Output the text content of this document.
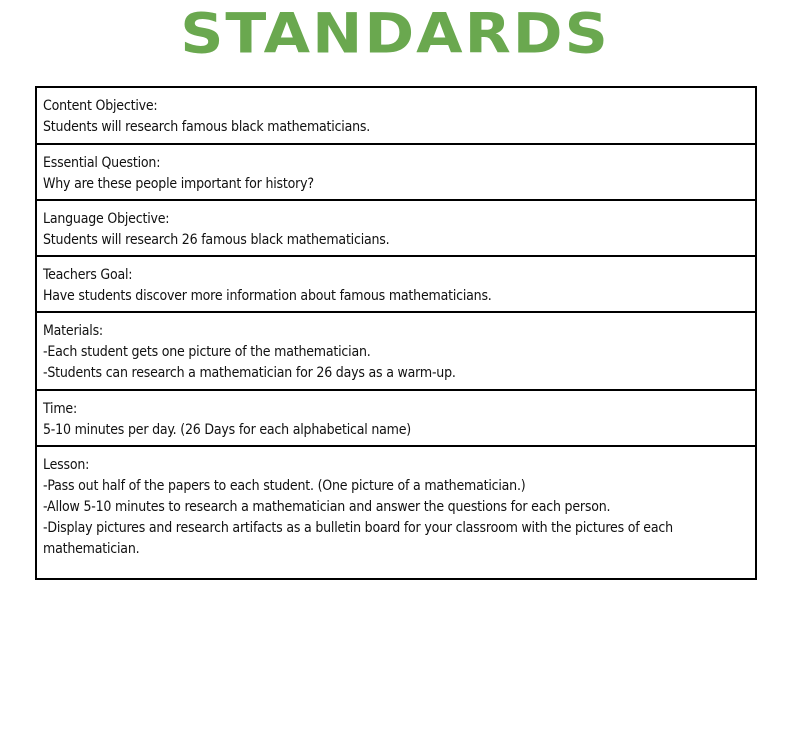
STANDARDS
Content Objective:
Students will research famous black mathematicians.
Essential Question:
Why are these people important for history?
Language Objective:
Students will research 26 famous black mathematicians.
Teachers Goal:
Have students discover more information about famous mathematicians.
Materials:
-Each student gets one picture of the mathematician.
-Students can research a mathematician for 26 days as a warm-up.
Time:
5-10 minutes per day. (26 Days for each alphabetical name)
Lesson:
-Pass out half of the papers to each student. (One picture of a mathematician.)
-Allow 5-10 minutes to research a mathematician and answer the questions for each person.
-Display pictures and research artifacts as a bulletin board for your classroom with the pictures of each mathematician.
